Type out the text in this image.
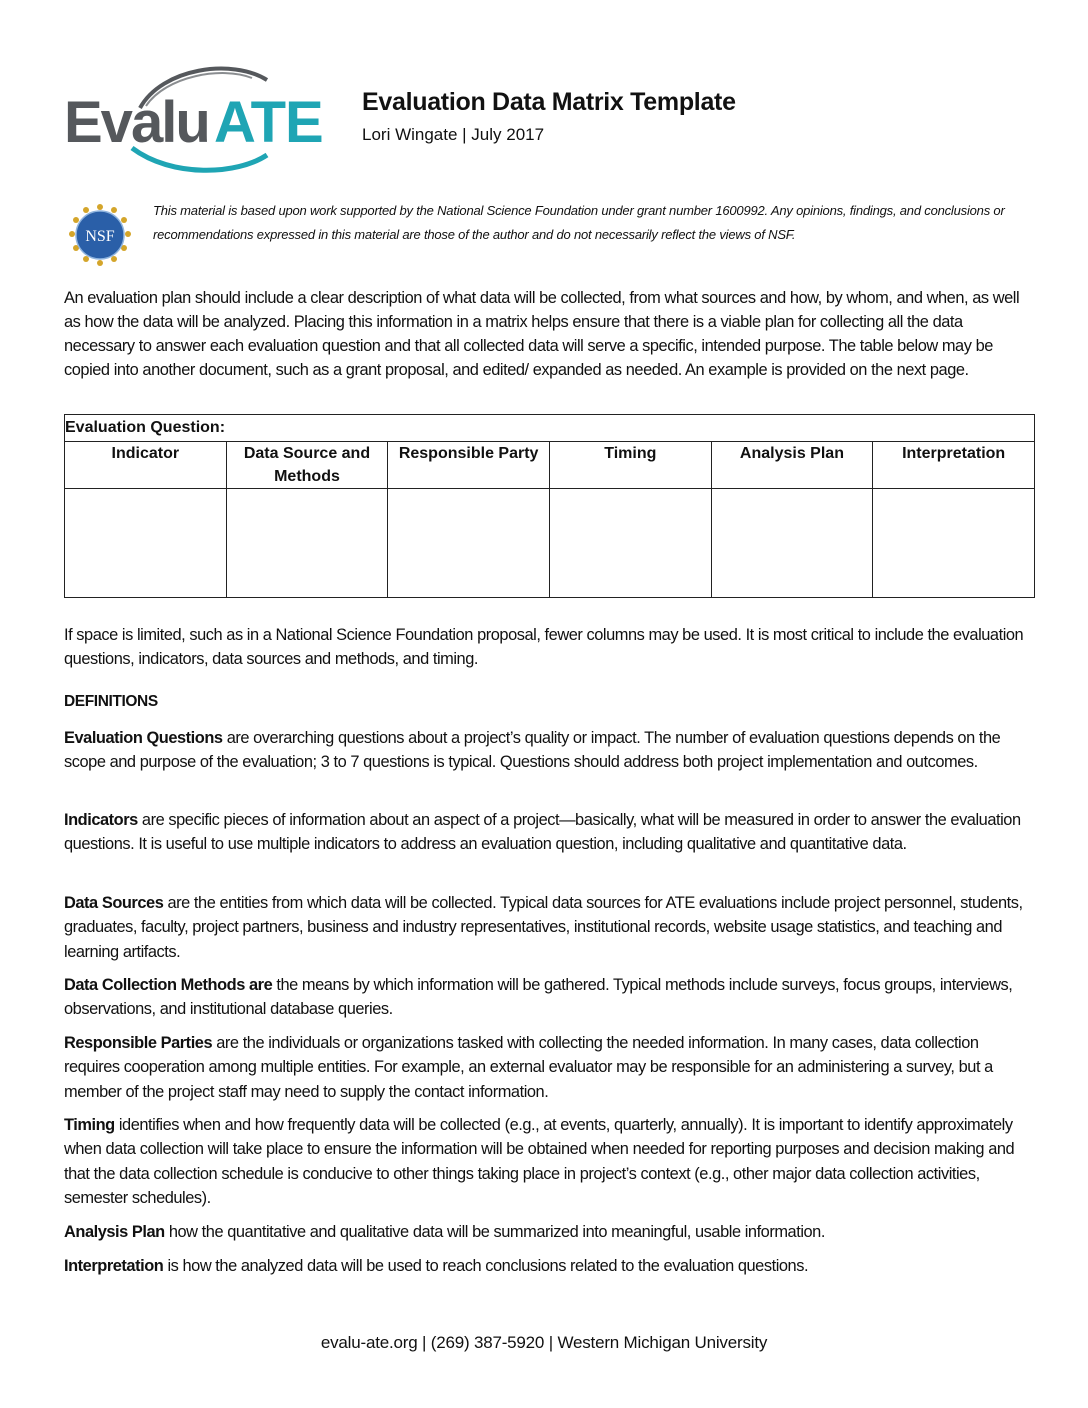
Evalu ATE Evaluation Data Matrix Template
Lori Wingate | July 2017
NSF
This material is based upon work supported by the National Science Foundation under grant number 1600992. Any opinions, findings, and conclusions or recommendations expressed in this material are those of the author and do not necessarily reflect the views of NSF.
An evaluation plan should include a clear description of what data will be collected, from what sources and how, by whom, and when, as well as how the data will be analyzed. Placing this information in a matrix helps ensure that there is a viable plan for collecting all the data necessary to answer each evaluation question and that all collected data will serve a specific, intended purpose. The table below may be copied into another document, such as a grant proposal, and edited/ expanded as needed. An example is provided on the next page.
Evaluation Question:					
Indicator	Data Source and Methods	Responsible Party	Timing	Analysis Plan	Interpretation

If space is limited, such as in a National Science Foundation proposal, fewer columns may be used. It is most critical to include the evaluation questions, indicators, data sources and methods, and timing.
DEFINITIONS
Evaluation Questions are overarching questions about a project’s quality or impact. The number of evaluation questions depends on the scope and purpose of the evaluation; 3 to 7 questions is typical. Questions should address both project implementation and outcomes.
Indicators are specific pieces of information about an aspect of a project—basically, what will be measured in order to answer the evaluation questions. It is useful to use multiple indicators to address an evaluation question, including qualitative and quantitative data.
Data Sources are the entities from which data will be collected. Typical data sources for ATE evaluations include project personnel, students, graduates, faculty, project partners, business and industry representatives, institutional records, website usage statistics, and teaching and learning artifacts.
Data Collection Methods are the means by which information will be gathered. Typical methods include surveys, focus groups, interviews, observations, and institutional database queries.
Responsible Parties are the individuals or organizations tasked with collecting the needed information. In many cases, data collection requires cooperation among multiple entities. For example, an external evaluator may be responsible for an administering a survey, but a member of the project staff may need to supply the contact information.
Timing identifies when and how frequently data will be collected (e.g., at events, quarterly, annually). It is important to identify approximately when data collection will take place to ensure the information will be obtained when needed for reporting purposes and decision making and that the data collection schedule is conducive to other things taking place in project’s context (e.g., other major data collection activities, semester schedules).
Analysis Plan how the quantitative and qualitative data will be summarized into meaningful, usable information.
Interpretation is how the analyzed data will be used to reach conclusions related to the evaluation questions.
evalu-ate.org | (269) 387-5920 | Western Michigan University
